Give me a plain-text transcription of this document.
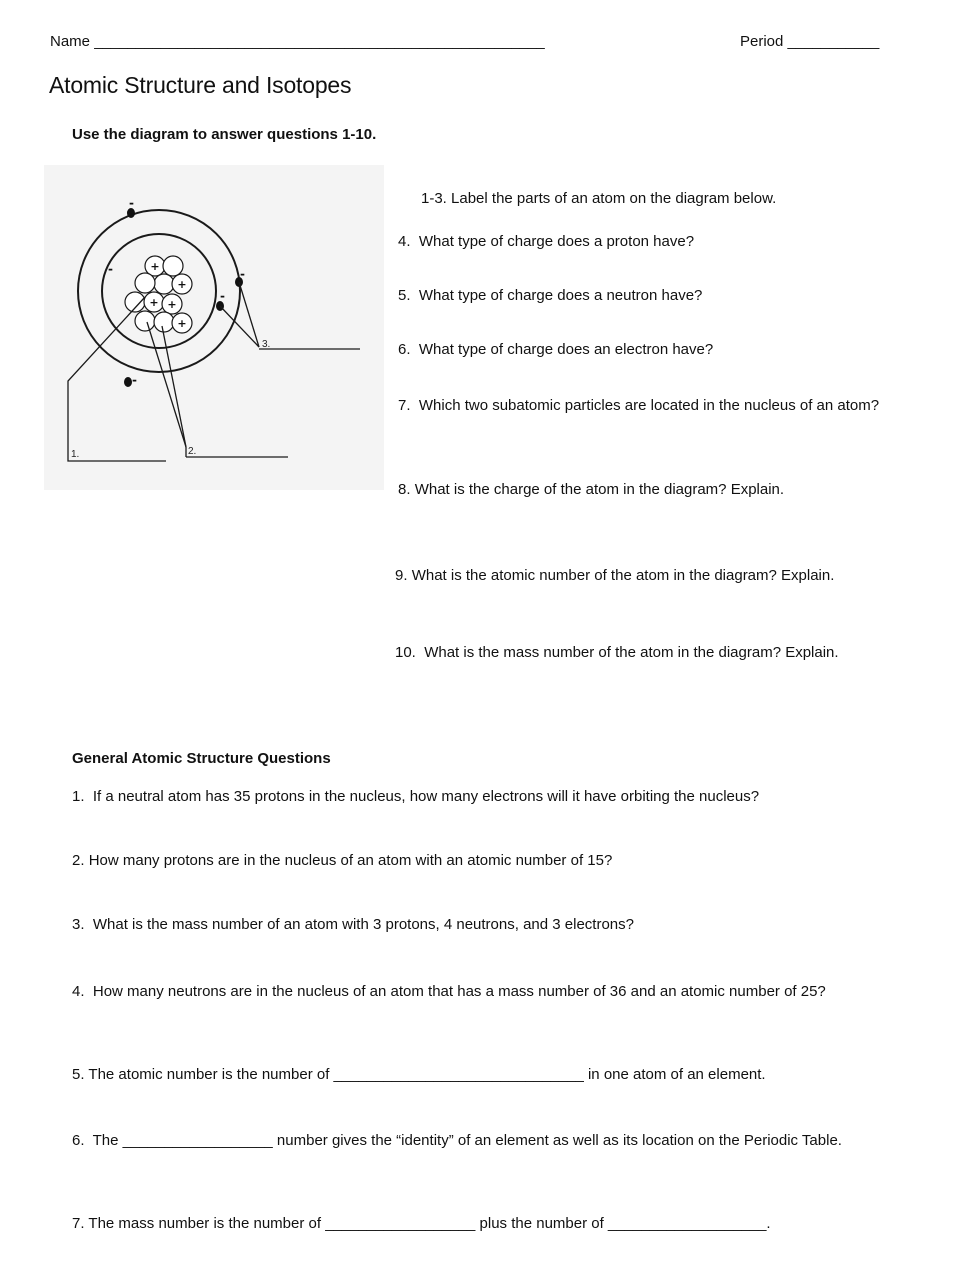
Name ______________________________________________________	Period ___________
Atomic Structure and Isotopes
Use the diagram to answer questions 1-10.
+
+
+ +
+
-
-	-
-
-
1.	2.
3.
1-3. Label the parts of an atom on the diagram below.
4. What type of charge does a proton have?
5. What type of charge does a neutron have?
6. What type of charge does an electron have?
7. Which two subatomic particles are located in the nucleus of an atom?
8. What is the charge of the atom in the diagram? Explain.
9. What is the atomic number of the atom in the diagram? Explain.
10. What is the mass number of the atom in the diagram? Explain.
General Atomic Structure Questions
1. If a neutral atom has 35 protons in the nucleus, how many electrons will it have orbiting the nucleus?
2. How many protons are in the nucleus of an atom with an atomic number of 15?
3. What is the mass number of an atom with 3 protons, 4 neutrons, and 3 electrons?
4. How many neutrons are in the nucleus of an atom that has a mass number of 36 and an atomic number of 25?
5. The atomic number is the number of ______________________________ in one atom of an element.
6. The __________________ number gives the “identity” of an element as well as its location on the Periodic Table.
7. The mass number is the number of __________________ plus the number of ___________________.
